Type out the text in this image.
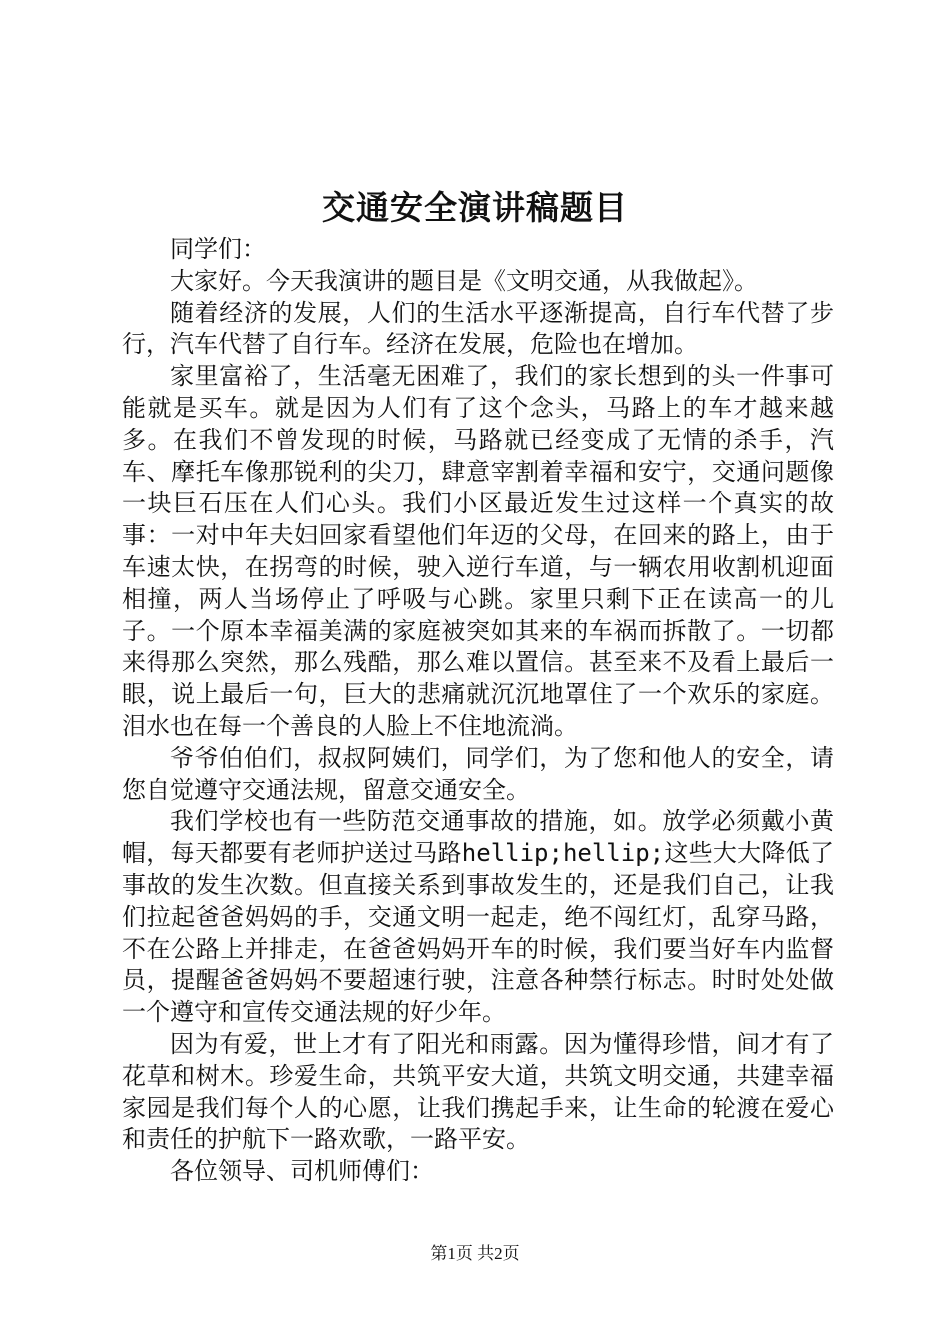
交通安全演讲稿题目

同学们：

大家好。今天我演讲的题目是《文明交通，从我做起》。

随着经济的发展，人们的生活水平逐渐提高，自行车代替了步行，汽车代替了自行车。经济在发展，危险也在增加。

家里富裕了，生活毫无困难了，我们的家长想到的头一件事可能就是买车。就是因为人们有了这个念头，马路上的车才越来越多。在我们不曾发现的时候，马路就已经变成了无情的杀手，汽车、摩托车像那锐利的尖刀，肆意宰割着幸福和安宁，交通问题像一块巨石压在人们心头。我们小区最近发生过这样一个真实的故事：一对中年夫妇回家看望他们年迈的父母，在回来的路上，由于车速太快，在拐弯的时候，驶入逆行车道，与一辆农用收割机迎面相撞，两人当场停止了呼吸与心跳。家里只剩下正在读高一的儿子。一个原本幸福美满的家庭被突如其来的车祸而拆散了。一切都来得那么突然，那么残酷，那么难以置信。甚至来不及看上最后一眼，说上最后一句，巨大的悲痛就沉沉地罩住了一个欢乐的家庭。泪水也在每一个善良的人脸上不住地流淌。

爷爷伯伯们，叔叔阿姨们，同学们，为了您和他人的安全，请您自觉遵守交通法规，留意交通安全。

我们学校也有一些防范交通事故的措施，如。放学必须戴小黄帽，每天都要有老师护送过马路hellip;hellip;这些大大降低了事故的发生次数。但直接关系到事故发生的，还是我们自己，让我们拉起爸爸妈妈的手，交通文明一起走，绝不闯红灯，乱穿马路，不在公路上并排走，在爸爸妈妈开车的时候，我们要当好车内监督员，提醒爸爸妈妈不要超速行驶，注意各种禁行标志。时时处处做一个遵守和宣传交通法规的好少年。

因为有爱，世上才有了阳光和雨露。因为懂得珍惜，间才有了花草和树木。珍爱生命，共筑平安大道，共筑文明交通，共建幸福家园是我们每个人的心愿，让我们携起手来，让生命的轮渡在爱心和责任的护航下一路欢歌，一路平安。

各位领导、司机师傅们：

第1页 共2页
